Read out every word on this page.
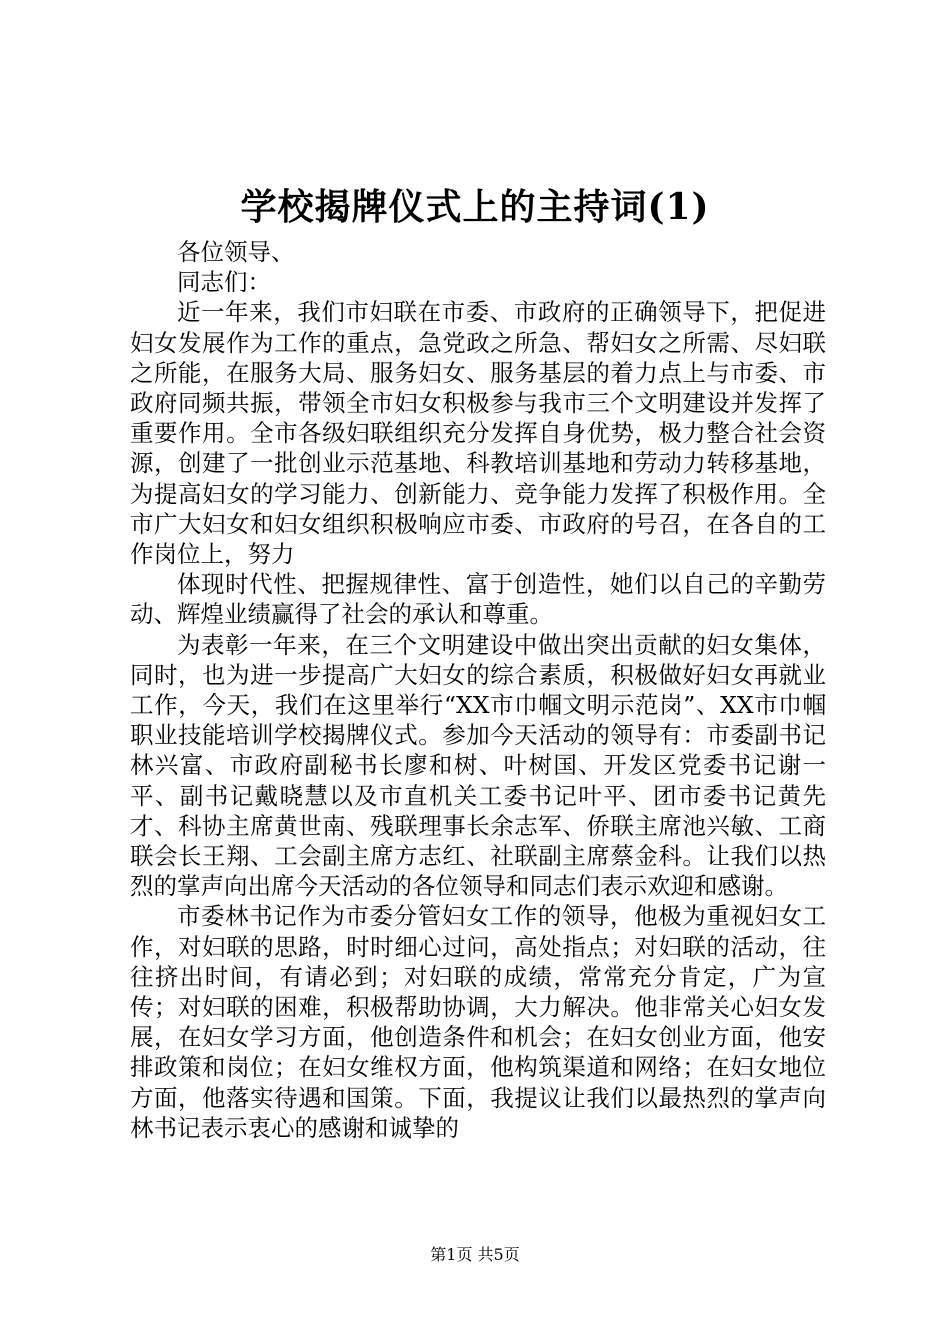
学校揭牌仪式上的主持词(1)

各位领导、

同志们：

近一年来，我们市妇联在市委、市政府的正确领导下，把促进妇女发展作为工作的重点，急党政之所急、帮妇女之所需、尽妇联之所能，在服务大局、服务妇女、服务基层的着力点上与市委、市政府同频共振，带领全市妇女积极参与我市三个文明建设并发挥了重要作用。全市各级妇联组织充分发挥自身优势，极力整合社会资源，创建了一批创业示范基地、科教培训基地和劳动力转移基地，为提高妇女的学习能力、创新能力、竞争能力发挥了积极作用。全市广大妇女和妇女组织积极响应市委、市政府的号召，在各自的工作岗位上，努力

体现时代性、把握规律性、富于创造性，她们以自己的辛勤劳动、辉煌业绩赢得了社会的承认和尊重。

为表彰一年来，在三个文明建设中做出突出贡献的妇女集体，同时，也为进一步提高广大妇女的综合素质，积极做好妇女再就业工作，今天，我们在这里举行“XX市巾帼文明示范岗”、XX市巾帼职业技能培训学校揭牌仪式。参加今天活动的领导有：市委副书记林兴富、市政府副秘书长廖和树、叶树国、开发区党委书记谢一平、副书记戴晓慧以及市直机关工委书记叶平、团市委书记黄先才、科协主席黄世南、残联理事长余志军、侨联主席池兴敏、工商联会长王翔、工会副主席方志红、社联副主席蔡金科。让我们以热烈的掌声向出席今天活动的各位领导和同志们表示欢迎和感谢。

市委林书记作为市委分管妇女工作的领导，他极为重视妇女工作，对妇联的思路，时时细心过问，高处指点；对妇联的活动，往往挤出时间，有请必到；对妇联的成绩，常常充分肯定，广为宣传；对妇联的困难，积极帮助协调，大力解决。他非常关心妇女发展，在妇女学习方面，他创造条件和机会；在妇女创业方面，他安排政策和岗位；在妇女维权方面，他构筑渠道和网络；在妇女地位方面，他落实待遇和国策。下面，我提议让我们以最热烈的掌声向林书记表示衷心的感谢和诚挚的

第1页 共5页
